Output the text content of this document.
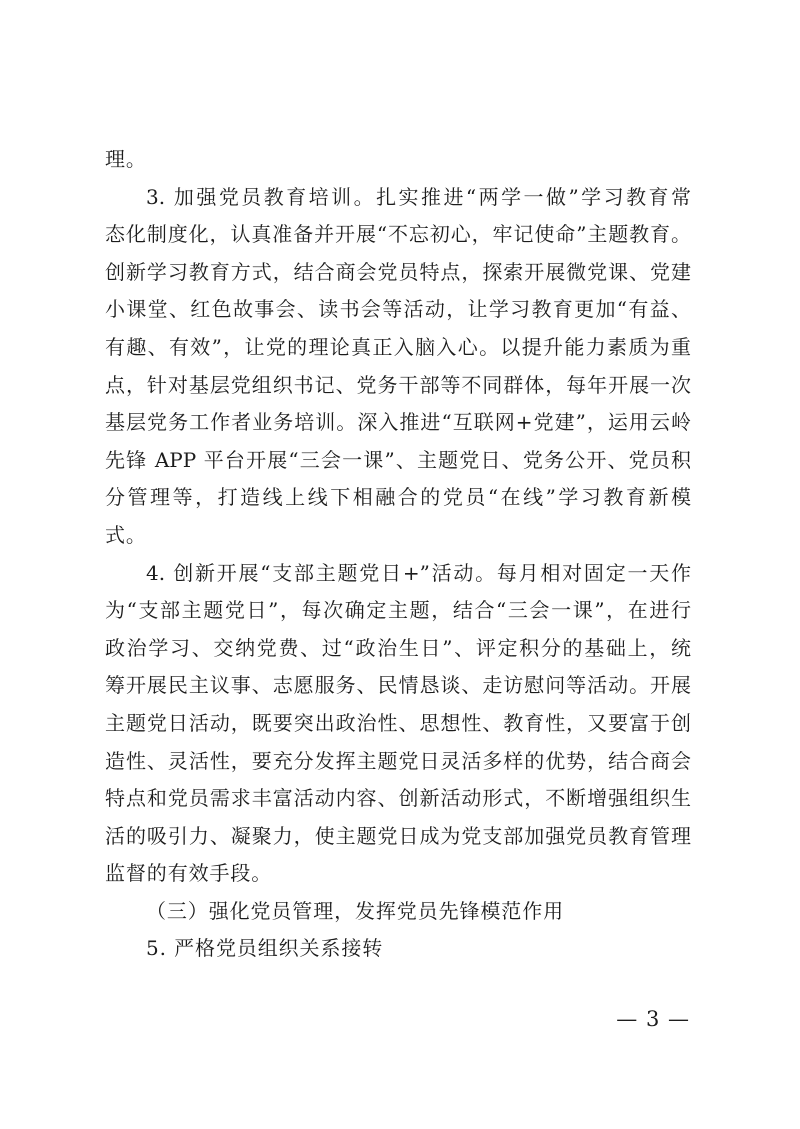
理。
3. 加强党员教育培训。扎实推进“两学一做”学习教育常
态化制度化，认真准备并开展“不忘初心，牢记使命”主题教育。
创新学习教育方式，结合商会党员特点，探索开展微党课、党建
小课堂、红色故事会、读书会等活动，让学习教育更加“有益、
有趣、有效”，让党的理论真正入脑入心。以提升能力素质为重
点，针对基层党组织书记、党务干部等不同群体，每年开展一次
基层党务工作者业务培训。深入推进“互联网+党建”，运用云岭
先锋 APP 平台开展“三会一课”、主题党日、党务公开、党员积
分管理等，打造线上线下相融合的党员“在线”学习教育新模
式。
4. 创新开展“支部主题党日+”活动。每月相对固定一天作
为“支部主题党日”，每次确定主题，结合“三会一课”，在进行
政治学习、交纳党费、过“政治生日”、评定积分的基础上，统
筹开展民主议事、志愿服务、民情恳谈、走访慰问等活动。开展
主题党日活动，既要突出政治性、思想性、教育性，又要富于创
造性、灵活性，要充分发挥主题党日灵活多样的优势，结合商会
特点和党员需求丰富活动内容、创新活动形式，不断增强组织生
活的吸引力、凝聚力，使主题党日成为党支部加强党员教育管理
监督的有效手段。
（三）强化党员管理，发挥党员先锋模范作用
5. 严格党员组织关系接转
— 3 —
